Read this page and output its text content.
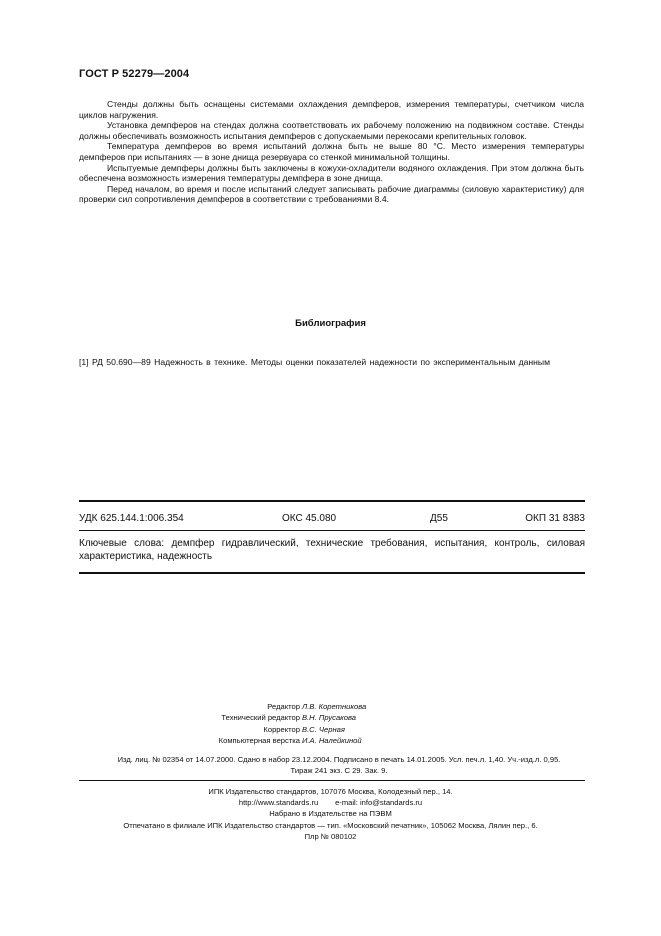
ГОСТ Р 52279—2004

Стенды должны быть оснащены системами охлаждения демпферов, измерения температуры, счетчиком числа циклов нагружения.

Установка демпферов на стендах должна соответствовать их рабочему положению на подвижном составе. Стенды должны обеспечивать возможность испытания демпферов с допускаемыми перекосами крепительных головок.

Температура демпферов во время испытаний должна быть не выше 80 °С. Место измерения температуры демпферов при испытаниях — в зоне днища резервуара со стенкой минимальной толщины.

Испытуемые демпферы должны быть заключены в кожухи-охладители водяного охлаждения. При этом должна быть обеспечена возможность измерения температуры демпфера в зоне днища.

Перед началом, во время и после испытаний следует записывать рабочие диаграммы (силовую характеристику) для проверки сил сопротивления демпферов в соответствии с требованиями 8.4.

Библиография
[1] РД 50.690—89 Надежность в технике. Методы оценки показателей надежности по экспериментальным данным
УДК 625.144.1:006.354	ОКС 45.080	Д55	ОКП 31 8383

Ключевые слова: демпфер гидравлический, технические требования, испытания, контроль, силовая характеристика, надежность

Редактор Л.В. Коретникова
Технический редактор В.Н. Прусакова
Корректор В.С. Черная
Компьютерная верстка И.А. Налейкиной

Изд. лиц. № 02354 от 14.07.2000. Сдано в набор 23.12.2004. Подписано в печать 14.01.2005. Усл. печ.л. 1,40. Уч.-изд.л. 0,95.

Тираж 241 экз. С 29. Зак. 9.

ИПК Издательство стандартов, 107076 Москва, Колодезный пер., 14.

http://www.standards.ru        e-mail: info@standards.ru

Набрано в Издательстве на ПЭВМ

Отпечатано в филиале ИПК Издательство стандартов — тип. «Московский печатник», 105062 Москва, Лялин пер., 6.

Плр № 080102
